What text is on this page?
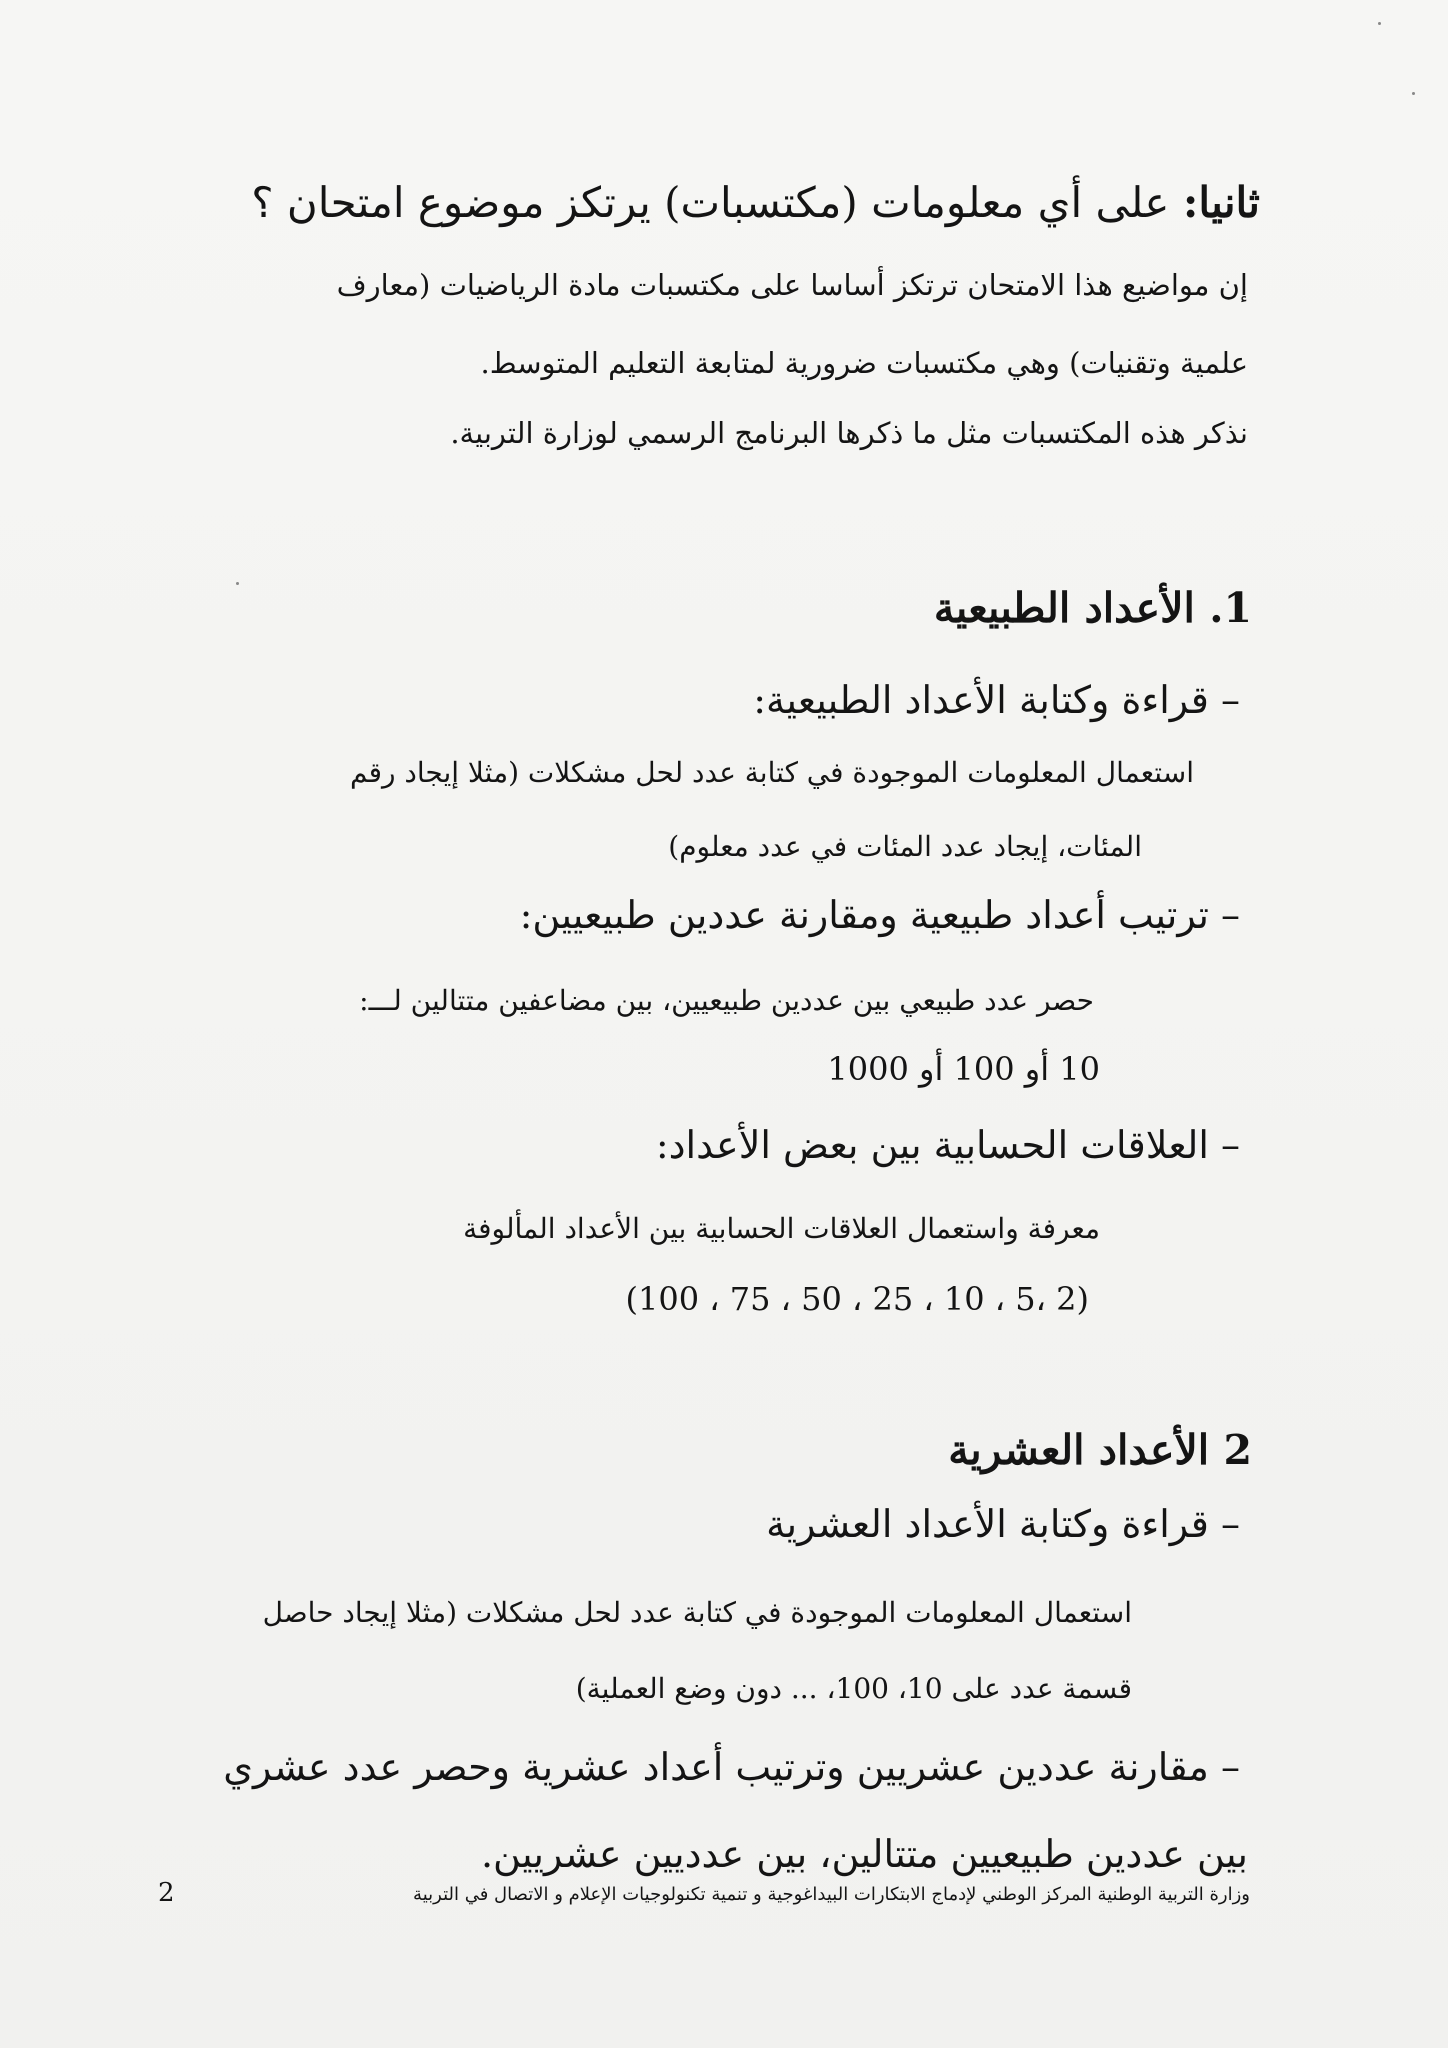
ثانيا: على أي معلومات (مكتسبات) يرتكز موضوع امتحان ؟

إن مواضيع هذا الامتحان ترتكز أساسا على مكتسبات مادة الرياضيات (معارف

علمية وتقنيات) وهي مكتسبات ضرورية لمتابعة التعليم المتوسط.

نذكر هذه المكتسبات مثل ما ذكرها البرنامج الرسمي لوزارة التربية.

1. الأعداد الطبيعية

– قراءة وكتابة الأعداد الطبيعية:

استعمال المعلومات الموجودة في كتابة عدد لحل مشكلات (مثلا إيجاد رقم

المئات، إيجاد عدد المئات في عدد معلوم)

– ترتيب أعداد طبيعية ومقارنة عددين طبيعيين:

حصر عدد طبيعي بين عددين طبيعيين، بين مضاعفين متتالين لـــ:

10 أو 100 أو 1000

– العلاقات الحسابية بين بعض الأعداد:

معرفة واستعمال العلاقات الحسابية بين الأعداد المألوفة

(2 ،5 ، 10 ، 25 ، 50 ، 75 ، 100)

2 الأعداد العشرية

– قراءة وكتابة الأعداد العشرية

استعمال المعلومات الموجودة في كتابة عدد لحل مشكلات (مثلا إيجاد حاصل

قسمة عدد على 10، 100، ... دون وضع العملية)

– مقارنة عددين عشريين وترتيب أعداد عشرية وحصر عدد عشري

بين عددين طبيعيين متتالين، بين عدديين عشريين.

2	وزارة التربية الوطنية المركز الوطني لإدماج الابتكارات البيداغوجية و تنمية تكنولوجيات الإعلام و الاتصال في التربية
